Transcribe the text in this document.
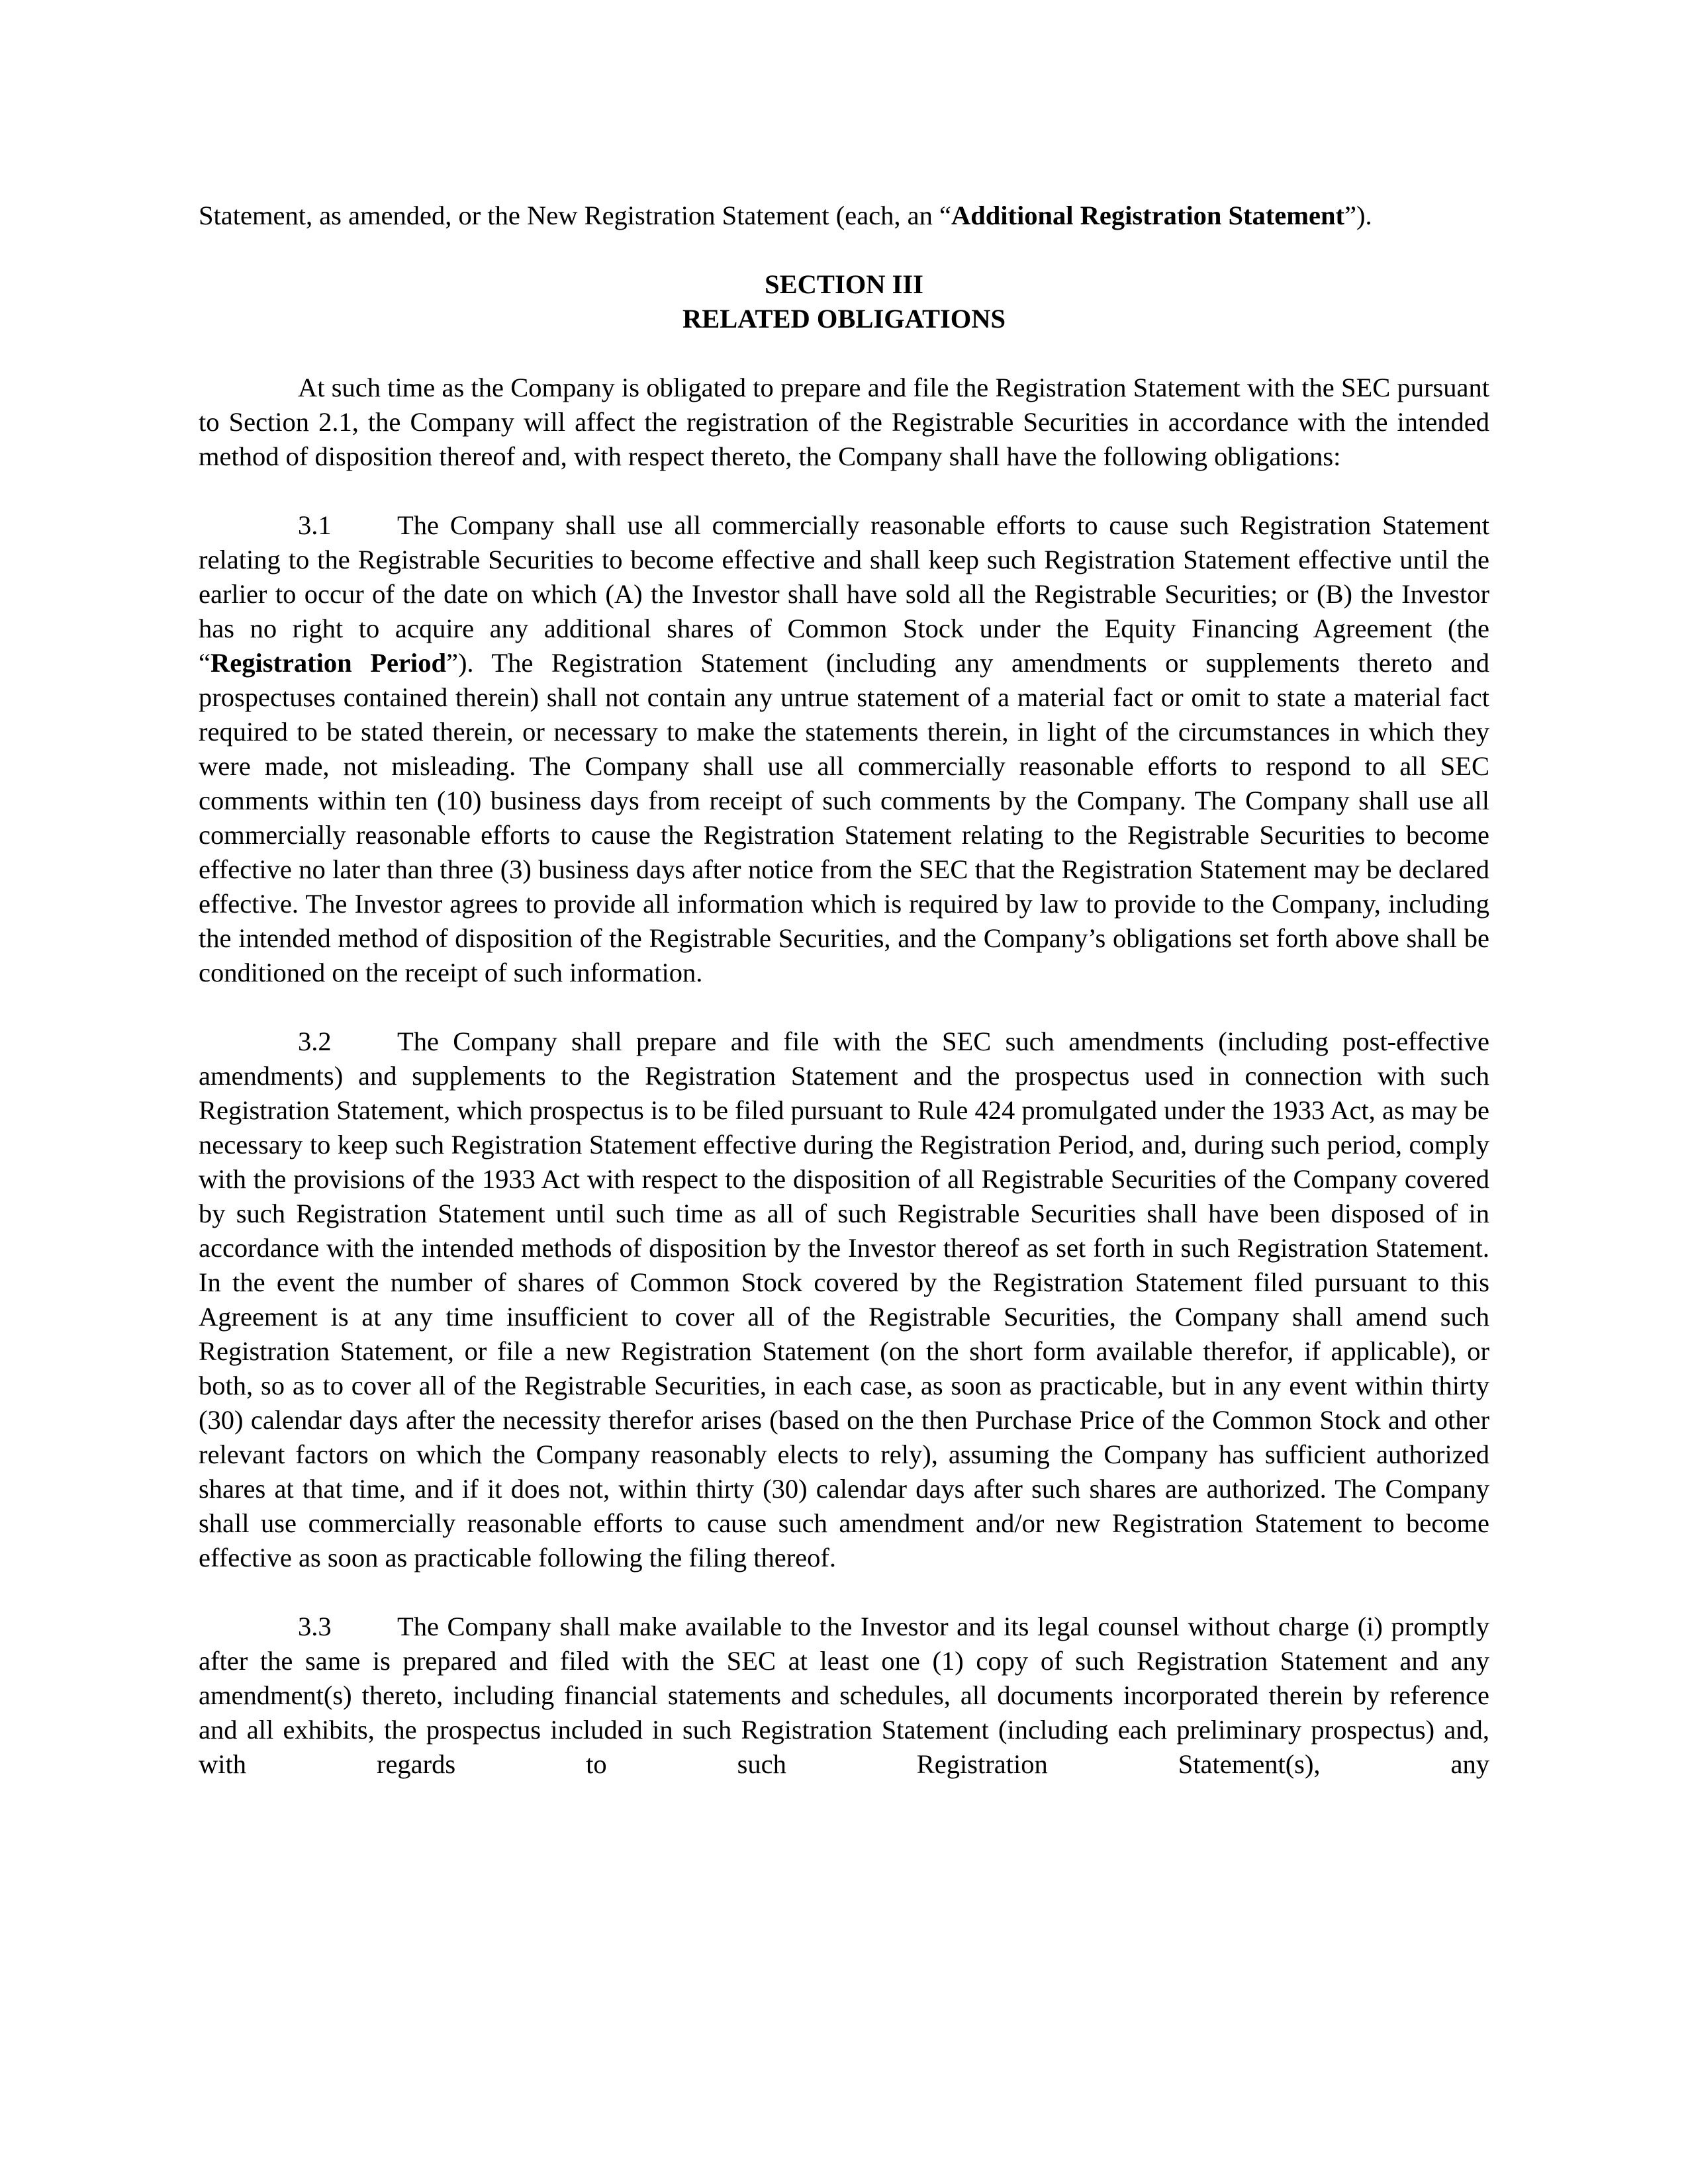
Statement, as amended, or the New Registration Statement (each, an “Additional Registration Statement”).

SECTION III
RELATED OBLIGATIONS

At such time as the Company is obligated to prepare and file the Registration Statement with the SEC pursuant to Section 2.1, the Company will affect the registration of the Registrable Securities in accordance with the intended method of disposition thereof and, with respect thereto, the Company shall have the following obligations:

3.1 The Company shall use all commercially reasonable efforts to cause such Registration Statement relating to the Registrable Securities to become effective and shall keep such Registration Statement effective until the earlier to occur of the date on which (A) the Investor shall have sold all the Registrable Securities; or (B) the Investor has no right to acquire any additional shares of Common Stock under the Equity Financing Agreement (the “Registration Period”). The Registration Statement (including any amendments or supplements thereto and prospectuses contained therein) shall not contain any untrue statement of a material fact or omit to state a material fact required to be stated therein, or necessary to make the statements therein, in light of the circumstances in which they were made, not misleading. The Company shall use all commercially reasonable efforts to respond to all SEC comments within ten (10) business days from receipt of such comments by the Company. The Company shall use all commercially reasonable efforts to cause the Registration Statement relating to the Registrable Securities to become effective no later than three (3) business days after notice from the SEC that the Registration Statement may be declared effective. The Investor agrees to provide all information which is required by law to provide to the Company, including the intended method of disposition of the Registrable Securities, and the Company’s obligations set forth above shall be conditioned on the receipt of such information.

3.2 The Company shall prepare and file with the SEC such amendments (including post-effective amendments) and supplements to the Registration Statement and the prospectus used in connection with such Registration Statement, which prospectus is to be filed pursuant to Rule 424 promulgated under the 1933 Act, as may be necessary to keep such Registration Statement effective during the Registration Period, and, during such period, comply with the provisions of the 1933 Act with respect to the disposition of all Registrable Securities of the Company covered by such Registration Statement until such time as all of such Registrable Securities shall have been disposed of in accordance with the intended methods of disposition by the Investor thereof as set forth in such Registration Statement. In the event the number of shares of Common Stock covered by the Registration Statement filed pursuant to this Agreement is at any time insufficient to cover all of the Registrable Securities, the Company shall amend such Registration Statement, or file a new Registration Statement (on the short form available therefor, if applicable), or both, so as to cover all of the Registrable Securities, in each case, as soon as practicable, but in any event within thirty (30) calendar days after the necessity therefor arises (based on the then Purchase Price of the Common Stock and other relevant factors on which the Company reasonably elects to rely), assuming the Company has sufficient authorized shares at that time, and if it does not, within thirty (30) calendar days after such shares are authorized. The Company shall use commercially reasonable efforts to cause such amendment and/or new Registration Statement to become effective as soon as practicable following the filing thereof.

3.3 The Company shall make available to the Investor and its legal counsel without charge (i) promptly after the same is prepared and filed with the SEC at least one (1) copy of such Registration Statement and any amendment(s) thereto, including financial statements and schedules, all documents incorporated therein by reference and all exhibits, the prospectus included in such Registration Statement (including each preliminary prospectus) and, with regards to such Registration Statement(s), any
